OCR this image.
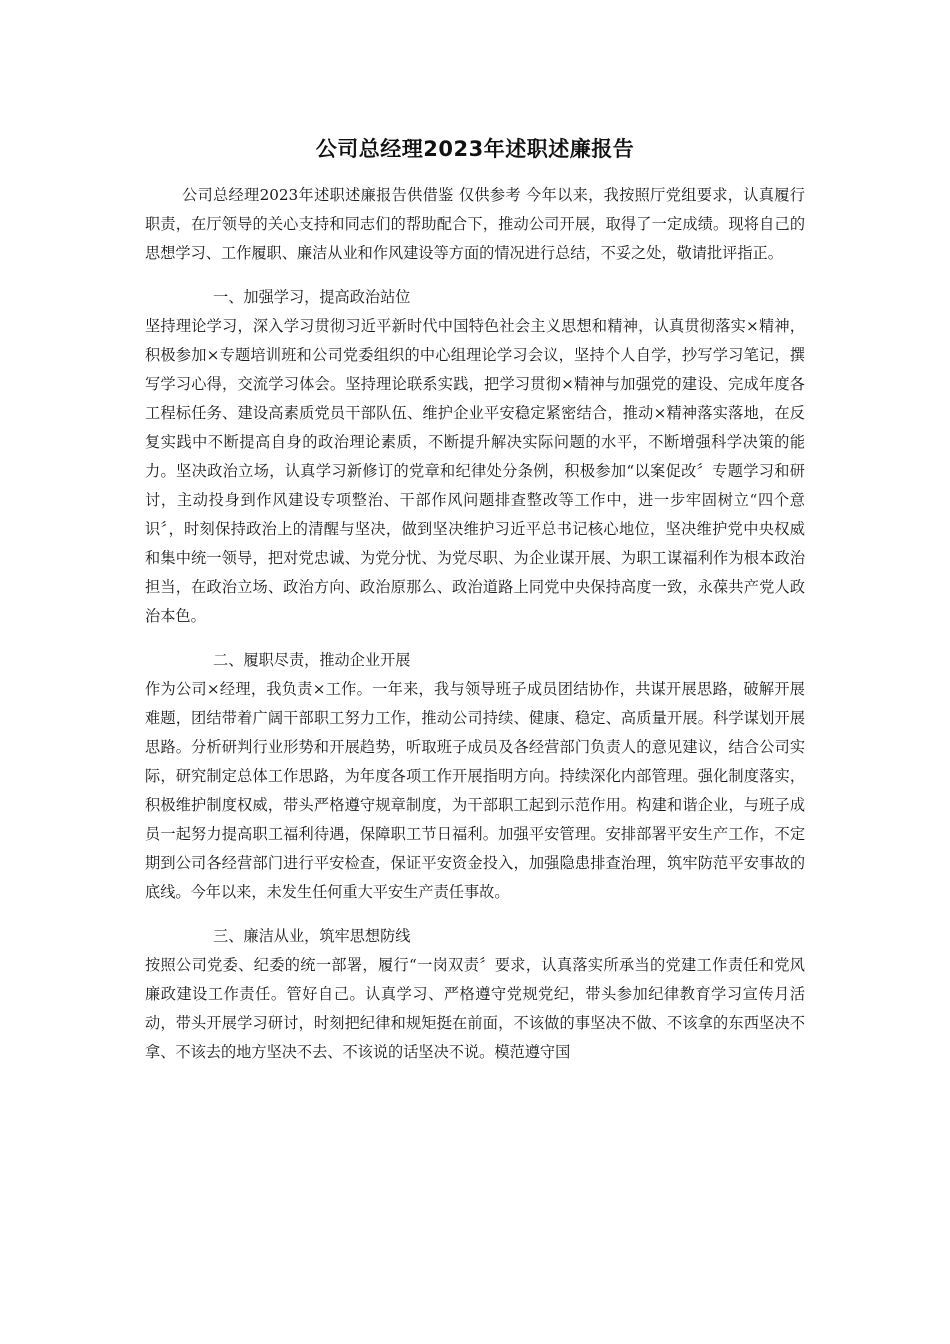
公司总经理2023年述职述廉报告

公司总经理2023年述职述廉报告供借鉴 仅供参考 今年以来，我按照厅党组要求，认真履行职责，在厅领导的关心支持和同志们的帮助配合下，推动公司开展，取得了一定成绩。现将自己的思想学习、工作履职、廉洁从业和作风建设等方面的情况进行总结，不妥之处，敬请批评指正。

一、加强学习，提高政治站位

坚持理论学习，深入学习贯彻习近平新时代中国特色社会主义思想和精神，认真贯彻落实×精神，积极参加×专题培训班和公司党委组织的中心组理论学习会议，坚持个人自学，抄写学习笔记，撰写学习心得，交流学习体会。坚持理论联系实践，把学习贯彻×精神与加强党的建设、完成年度各工程标任务、建设高素质党员干部队伍、维护企业平安稳定紧密结合，推动×精神落实落地，在反复实践中不断提高自身的政治理论素质，不断提升解决实际问题的水平，不断增强科学决策的能力。坚决政治立场，认真学习新修订的党章和纪律处分条例，积极参加“以案促改〞专题学习和研讨，主动投身到作风建设专项整治、干部作风问题排查整改等工作中，进一步牢固树立“四个意识〞，时刻保持政治上的清醒与坚决，做到坚决维护习近平总书记核心地位，坚决维护党中央权威和集中统一领导，把对党忠诚、为党分忧、为党尽职、为企业谋开展、为职工谋福利作为根本政治担当，在政治立场、政治方向、政治原那么、政治道路上同党中央保持高度一致，永葆共产党人政治本色。

二、履职尽责，推动企业开展

作为公司×经理，我负责×工作。一年来，我与领导班子成员团结协作，共谋开展思路，破解开展难题，团结带着广阔干部职工努力工作，推动公司持续、健康、稳定、高质量开展。科学谋划开展思路。分析研判行业形势和开展趋势，听取班子成员及各经营部门负责人的意见建议，结合公司实际，研究制定总体工作思路，为年度各项工作开展指明方向。持续深化内部管理。强化制度落实，积极维护制度权威，带头严格遵守规章制度，为干部职工起到示范作用。构建和谐企业，与班子成员一起努力提高职工福利待遇，保障职工节日福利。加强平安管理。安排部署平安生产工作，不定期到公司各经营部门进行平安检查，保证平安资金投入，加强隐患排查治理，筑牢防范平安事故的底线。今年以来，未发生任何重大平安生产责任事故。

三、廉洁从业，筑牢思想防线

按照公司党委、纪委的统一部署，履行“一岗双责〞要求，认真落实所承当的党建工作责任和党风廉政建设工作责任。管好自己。认真学习、严格遵守党规党纪，带头参加纪律教育学习宣传月活动，带头开展学习研讨，时刻把纪律和规矩挺在前面，不该做的事坚决不做、不该拿的东西坚决不拿、不该去的地方坚决不去、不该说的话坚决不说。模范遵守国
